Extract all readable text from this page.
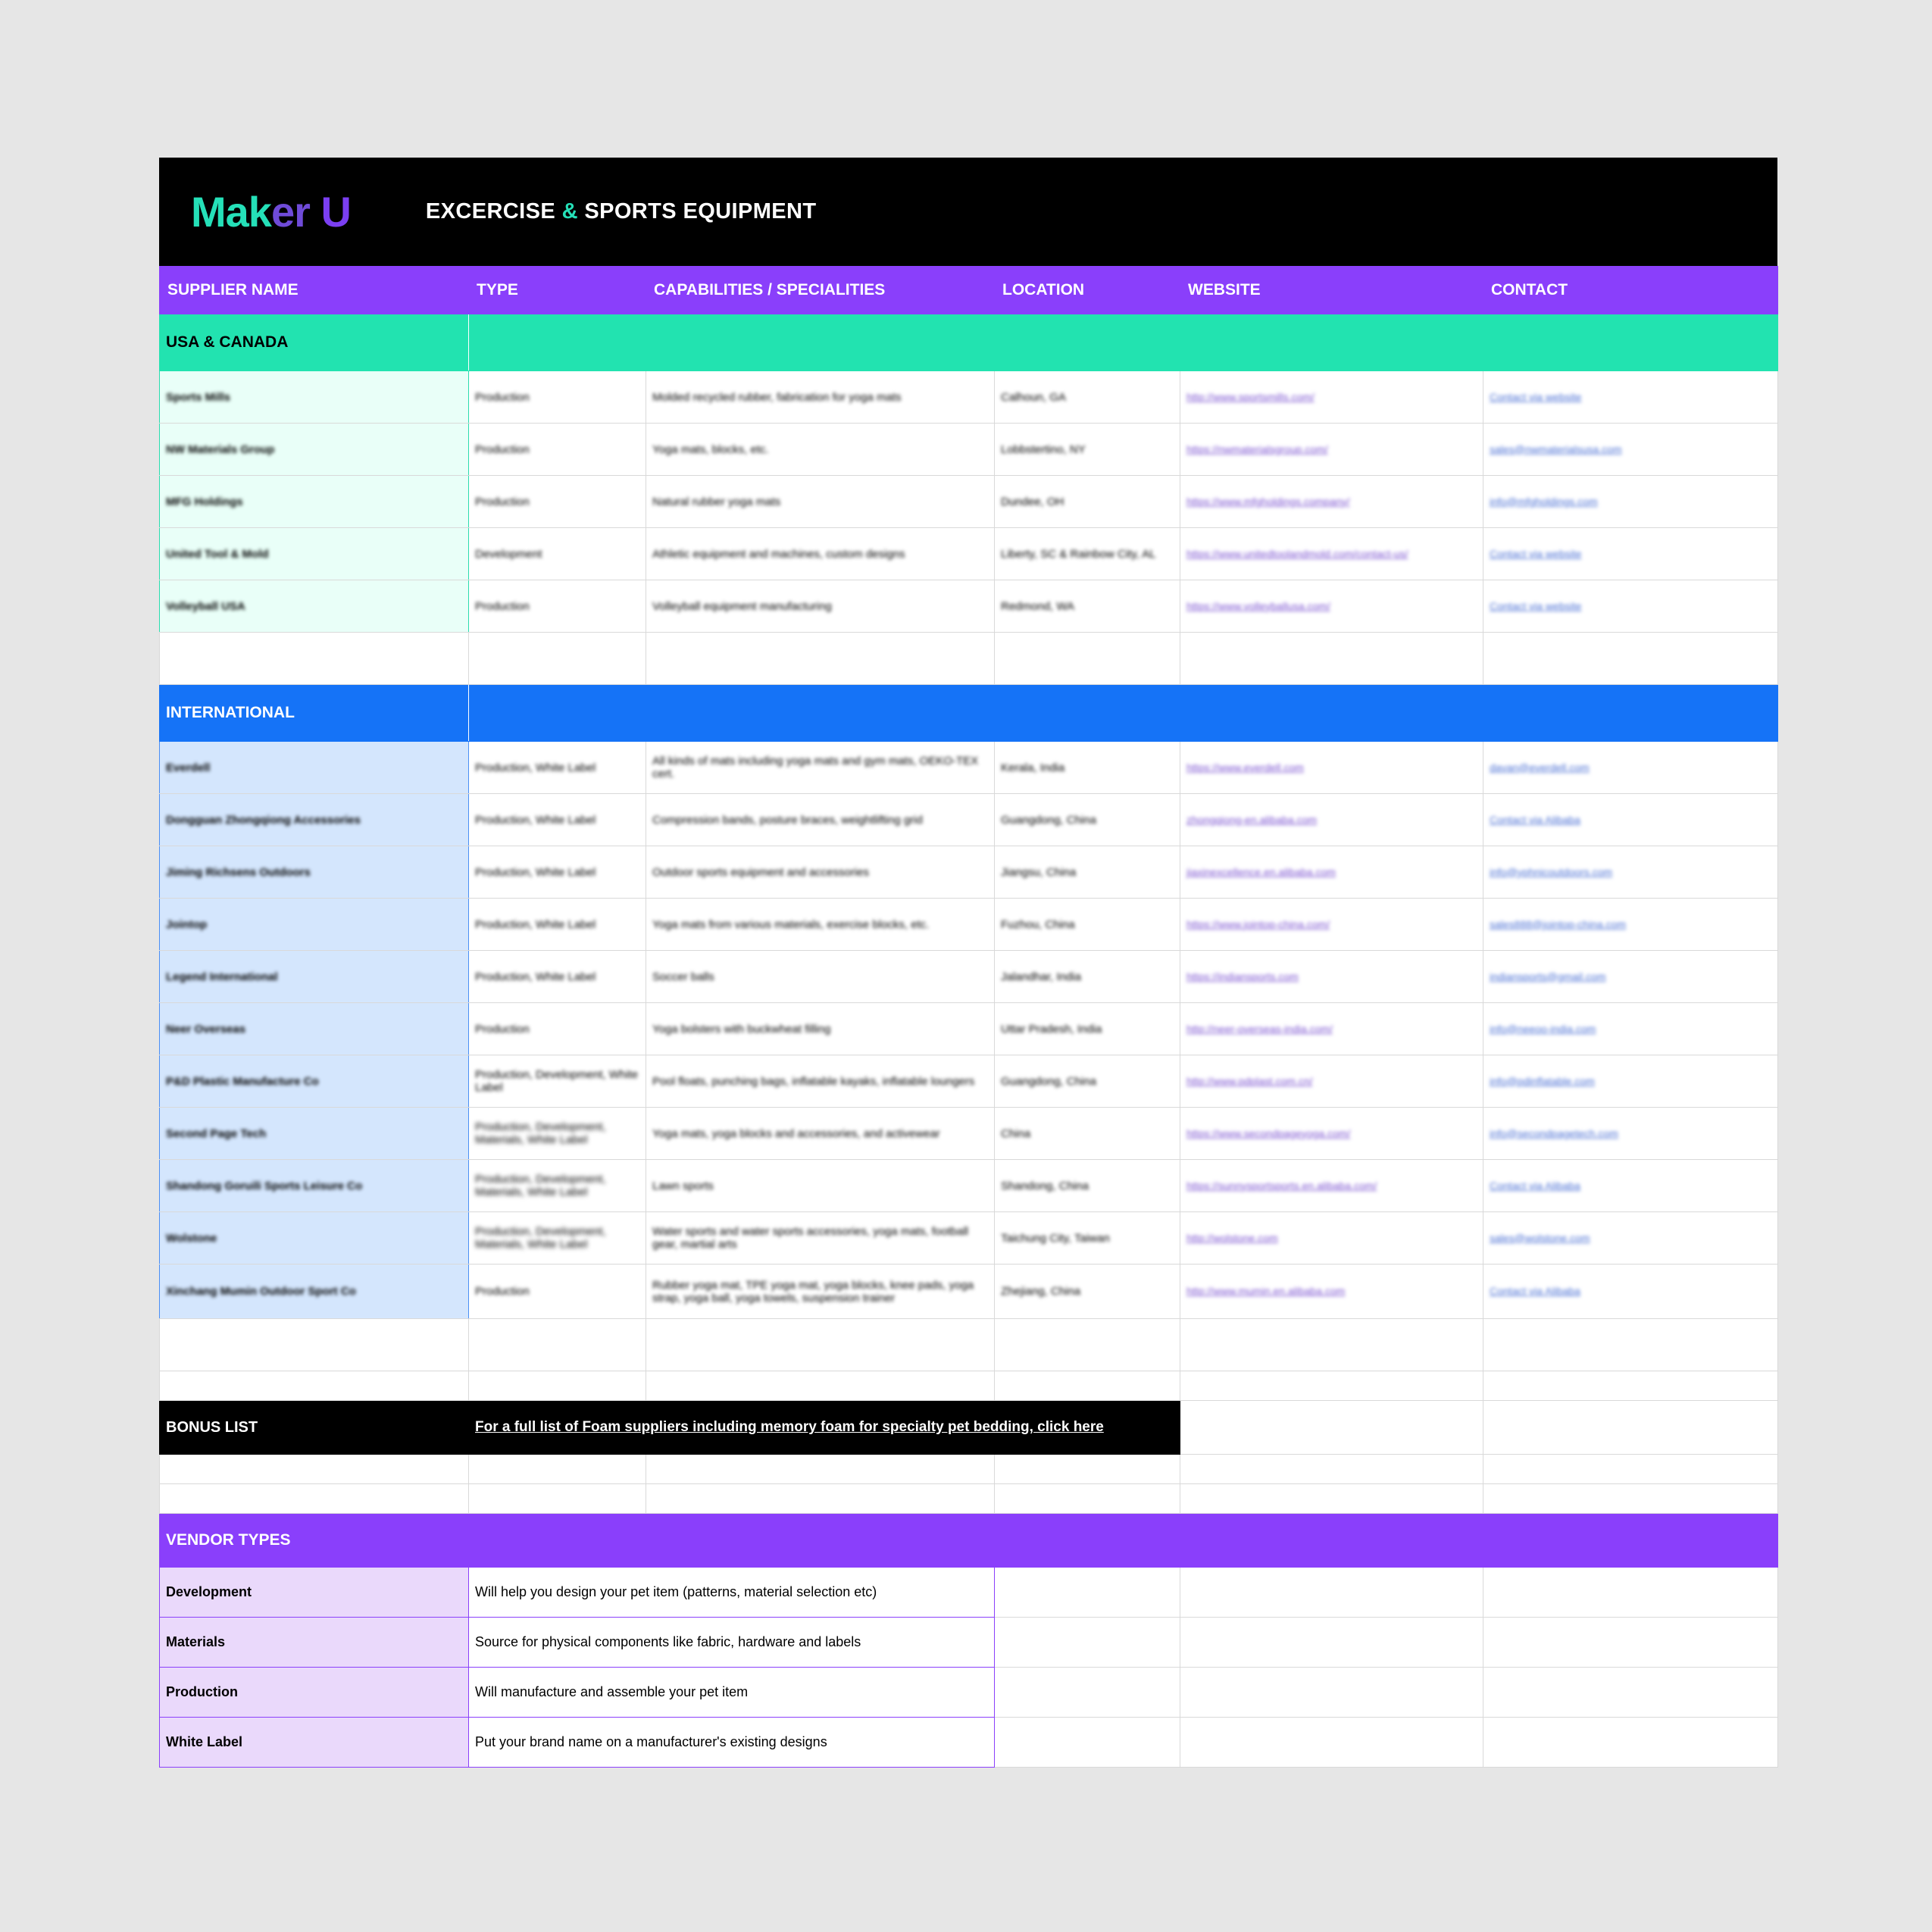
Maker U	EXCERCISE & SPORTS EQUIPMENT
SUPPLIER NAME	TYPE	CAPABILITIES / SPECIALITIES	LOCATION	WEBSITE	CONTACT
USA & CANADA					
Sports Mills	Production	Molded recycled rubber, fabrication for yoga mats	Calhoun, GA	http://www.sportsmills.com/	Contact via website
NW Materials Group	Production	Yoga mats, blocks, etc.	Lobbstertino, NY	https://nwmaterialsgroup.com/	sales@nwmaterialsusa.com
MFG Holdings	Production	Natural rubber yoga mats	Dundee, OH	https://www.mfgholdings.company/	info@mfgholdings.com
United Tool & Mold	Development	Athletic equipment and machines, custom designs	Liberty, SC & Rainbow City, AL	https://www.unitedtoolandmold.com/contact-us/	Contact via website
Volleyball USA	Production	Volleyball equipment manufacturing	Redmond, WA	https://www.volleyballusa.com/	Contact via website

INTERNATIONAL					
Everdell	Production, White Label	All kinds of mats including yoga mats and gym mats, OEKO-TEX cert.	Kerala, India	https://www.everdell.com	davan@everdell.com
Dongguan Zhongqiong Accessories	Production, White Label	Compression bands, posture braces, weightlifting grid	Guangdong, China	zhongqiong-en.alibaba.com	Contact via Alibaba
Jiming Richsens Outdoors	Production, White Label	Outdoor sports equipment and accessories	Jiangsu, China	jiaxinexcellence.en.alibaba.com	info@yphnicoutdoors.com
Jointop	Production, White Label	Yoga mats from various materials, exercise blocks, etc.	Fuzhou, China	https://www.jointop-china.com/	sales888@jointop-china.com
Legend International	Production, White Label	Soccer balls	Jalandhar, India	https://indiansports.com	indiansports@gmail.com
Neer Overseas	Production	Yoga bolsters with buckwheat filling	Uttar Pradesh, India	http://neer-overseas-india.com/	info@neeoo-india.com
P&D Plastic Manufacture Co	Production, Development, White Label	Pool floats, punching bags, inflatable kayaks, inflatable loungers	Guangdong, China	http://www.pdplast.com.cn/	info@pdinflatable.com
Second Page Tech	Production, Development, Materials, White Label	Yoga mats, yoga blocks and accessories, and activewear	China	https://www.secondpageyoga.com/	info@secondpagetech.com
Shandong Goruili Sports Leisure Co	Production, Development, Materials, White Label	Lawn sports	Shandong, China	https://sunnysportsports.en.alibaba.com/	Contact via Alibaba
Wolstone	Production, Development, Materials, White Label	Water sports and water sports accessories, yoga mats, football gear, martial arts	Taichung City, Taiwan	http://wolstone.com	sales@wolstone.com
Xinchang Mumin Outdoor Sport Co	Production	Rubber yoga mat, TPE yoga mat, yoga blocks, knee pads, yoga strap, yoga ball, yoga towels, suspension trainer	Zhejiang, China	http://www.mumin.en.alibaba.com	Contact via Alibaba

BONUS LIST	For a full list of Foam suppliers including memory foam for specialty pet bedding, click here				

VENDOR TYPES					
Development	Will help you design your pet item (patterns, material selection etc)				
Materials	Source for physical components like fabric, hardware and labels				
Production	Will manufacture and assemble your pet item				
White Label	Put your brand name on a manufacturer's existing designs				
